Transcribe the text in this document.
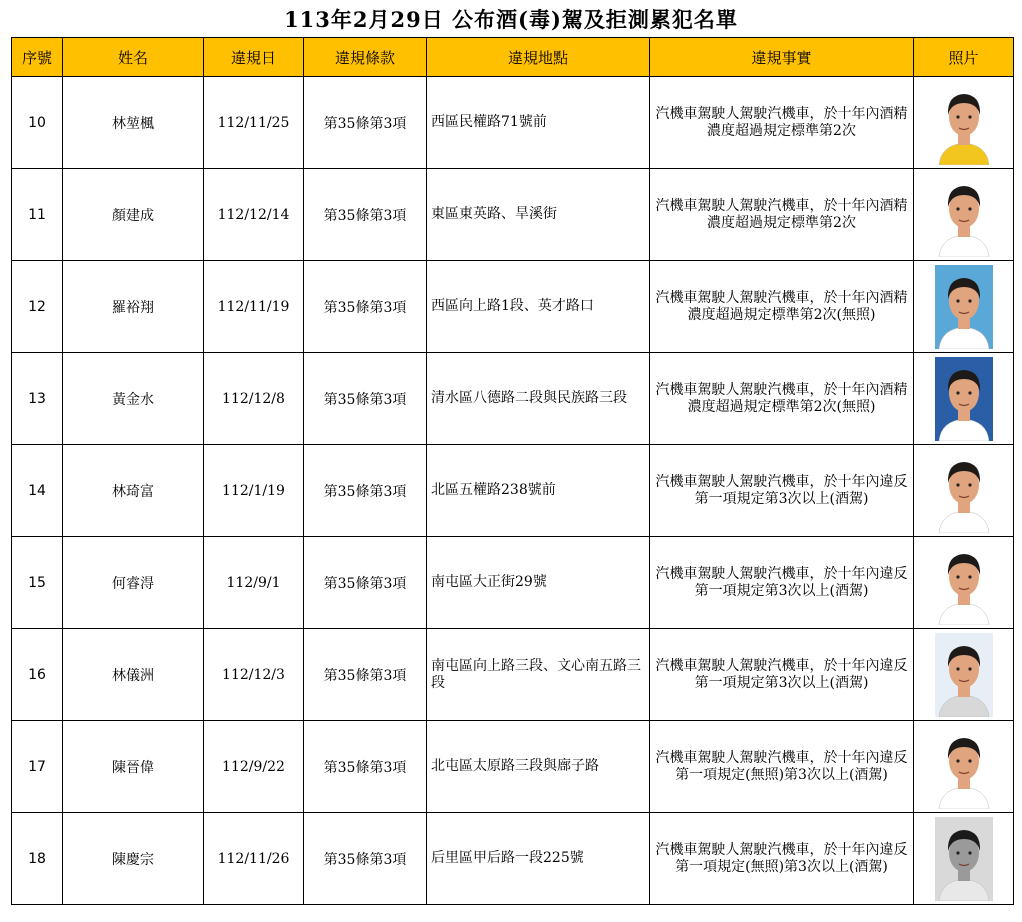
113年2月29日 公布酒(毒)駕及拒測累犯名單
序號	姓名	違規日	違規條款	違規地點	違規事實	照片
10	林堃楓	112/11/25	第35條第3項	西區民權路71號前	汽機車駕駛人駕駛汽機車，於十年內酒精濃度超過規定標準第2次	

11	顏建成	112/12/14	第35條第3項	東區東英路、旱溪街	汽機車駕駛人駕駛汽機車，於十年內酒精濃度超過規定標準第2次	

12	羅裕翔	112/11/19	第35條第3項	西區向上路1段、英才路口	汽機車駕駛人駕駛汽機車，於十年內酒精濃度超過規定標準第2次(無照)	

13	黃金水	112/12/8	第35條第3項	清水區八德路二段與民族路三段	汽機車駕駛人駕駛汽機車，於十年內酒精濃度超過規定標準第2次(無照)	

14	林琦富	112/1/19	第35條第3項	北區五權路238號前	汽機車駕駛人駕駛汽機車，於十年內違反第一項規定第3次以上(酒駕)	

15	何睿淂	112/9/1	第35條第3項	南屯區大正街29號	汽機車駕駛人駕駛汽機車，於十年內違反第一項規定第3次以上(酒駕)	

16	林儀洲	112/12/3	第35條第3項	南屯區向上路三段、文心南五路三段	汽機車駕駛人駕駛汽機車，於十年內違反第一項規定第3次以上(酒駕)	

17	陳晉偉	112/9/22	第35條第3項	北屯區太原路三段與廍子路	汽機車駕駛人駕駛汽機車，於十年內違反第一項規定(無照)第3次以上(酒駕)	

18	陳慶宗	112/11/26	第35條第3項	后里區甲后路一段225號	汽機車駕駛人駕駛汽機車，於十年內違反第一項規定(無照)第3次以上(酒駕)	
